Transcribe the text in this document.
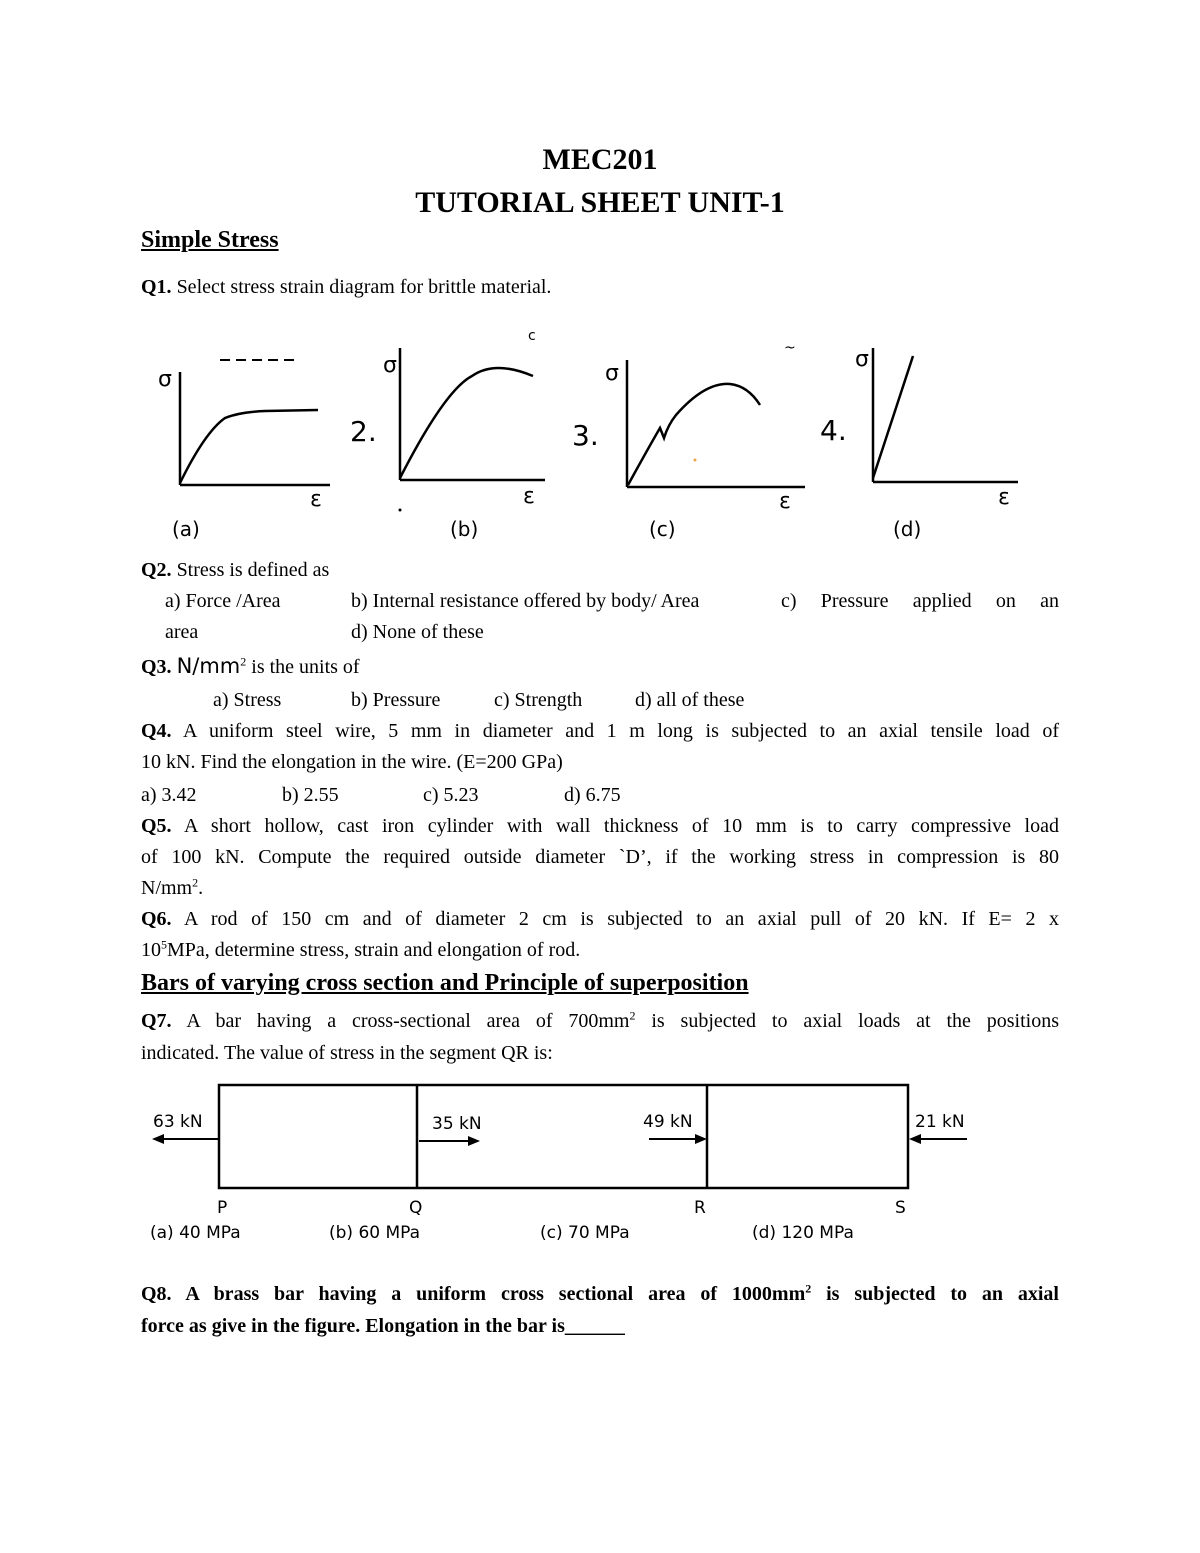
MEC201
TUTORIAL SHEET UNIT-1
Simple Stress
Q1. Select stress strain diagram for brittle material.
σ
ε
(a)
2.
c
σ
ε
(b)
3.
σ
~
ε
(c)
4.
σ
ε
(d)
Q2. Stress is defined as
a) Force /Area	b) Internal resistance offered by body/ Area	c) Pressure applied on an
area	d) None of these
Q3. $N/mm^2$ is the units of
a) Stress	b) Pressure	c) Strength	d) all of these
Q4. A uniform steel wire, 5 mm in diameter and 1 m long is subjected to an axial tensile load of
10 kN. Find the elongation in the wire. (E=200 GPa)
a) 3.42	b) 2.55	c) 5.23	d) 6.75
Q5. A short hollow, cast iron cylinder with wall thickness of 10 mm is to carry compressive load
of 100 kN. Compute the required outside diameter `D’, if the working stress in compression is 80
$N/mm^2$.
Q6. A rod of 150 cm and of diameter 2 cm is subjected to an axial pull of 20 kN. If E= 2 x
$10^5MPa$, determine stress, strain and elongation of rod.
Bars of varying cross section and Principle of superposition
Q7. A bar having a cross-sectional area of $700mm^2$ is subjected to axial loads at the positions
indicated. The value of stress in the segment QR is:
63 kN	35 kN	49 kN	21 kN
P	Q	R	S
(a) 40 MPa	(b) 60 MPa	(c) 70 MPa	(d) 120 MPa
Q8. A brass bar having a uniform cross sectional area of $1000mm^2$ is subjected to an axial
force as give in the figure. Elongation in the bar is______
